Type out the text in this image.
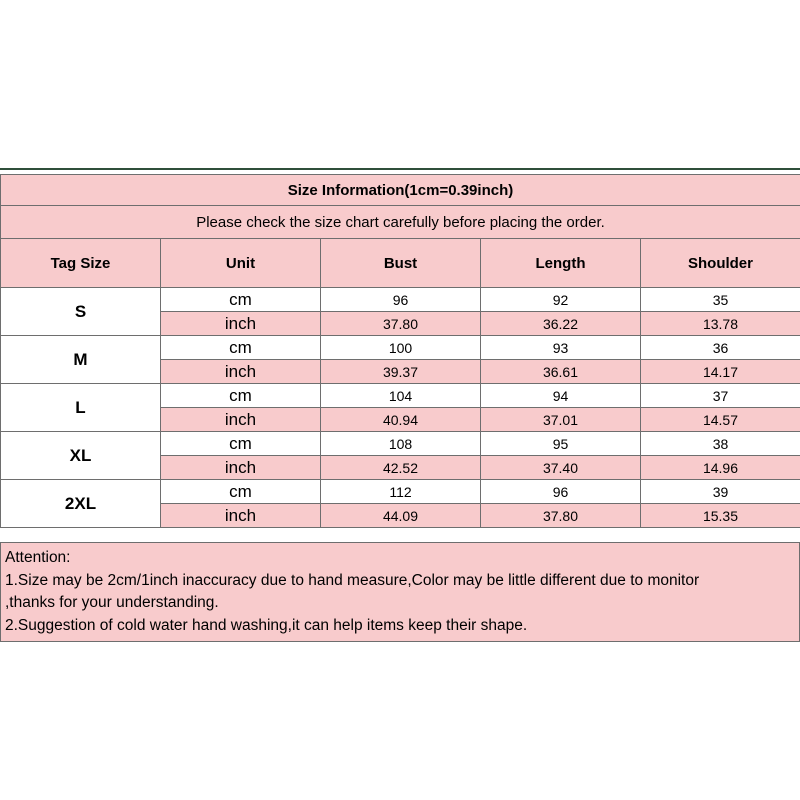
Size Information(1cm=0.39inch)				
Please check the size chart carefully before placing the order.				
Tag Size	Unit	Bust	Length	Shoulder
S	cm	96	92	35
	inch	37.80	36.22	13.78
M	cm	100	93	36
	inch	39.37	36.61	14.17
L	cm	104	94	37
	inch	40.94	37.01	14.57
XL	cm	108	95	38
	inch	42.52	37.40	14.96
2XL	cm	112	96	39
	inch	44.09	37.80	15.35
Attention:
1.Size may be 2cm/1inch inaccuracy due to hand measure,Color may be little different due to monitor
,thanks for your understanding.
2.Suggestion of cold water hand washing,it can help items keep their shape.
